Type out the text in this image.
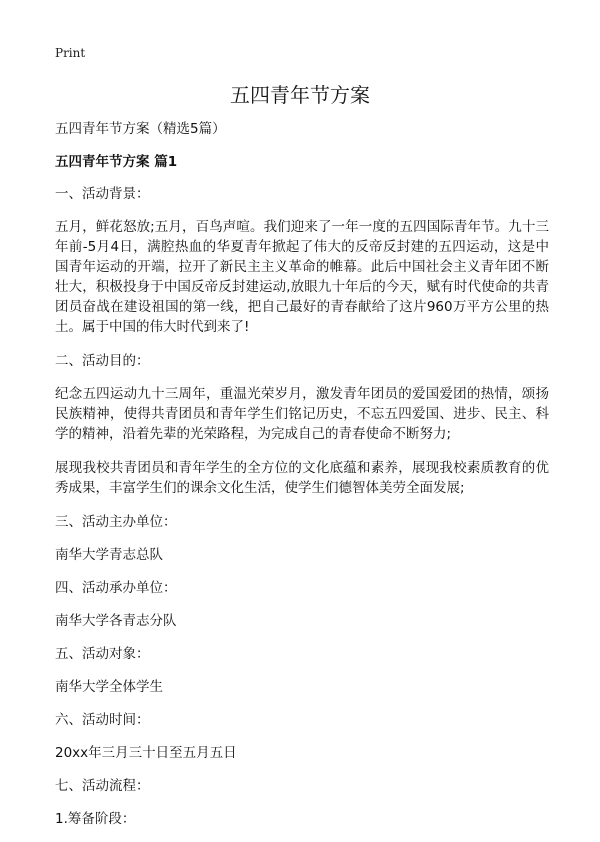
Print
五四青年节方案

五四青年节方案（精选5篇）

五四青年节方案 篇1

一、活动背景：

五月，鲜花怒放;五月，百鸟声喧。我们迎来了一年一度的五四国际青年节。九十三年前-5月4日，满腔热血的华夏青年掀起了伟大的反帝反封建的五四运动，这是中国青年运动的开端，拉开了新民主主义革命的帷幕。此后中国社会主义青年团不断壮大，积极投身于中国反帝反封建运动,放眼九十年后的今天，赋有时代使命的共青团员奋战在建设祖国的第一线，把自己最好的青春献给了这片960万平方公里的热土。属于中国的伟大时代到来了!

二、活动目的：

纪念五四运动九十三周年，重温光荣岁月，激发青年团员的爱国爱团的热情，颂扬民族精神，使得共青团员和青年学生们铭记历史，不忘五四爱国、进步、民主、科学的精神，沿着先辈的光荣路程，为完成自己的青春使命不断努力;

展现我校共青团员和青年学生的全方位的文化底蕴和素养，展现我校素质教育的优秀成果，丰富学生们的课余文化生活，使学生们德智体美劳全面发展;

三、活动主办单位：

南华大学青志总队

四、活动承办单位：

南华大学各青志分队

五、活动对象：

南华大学全体学生

六、活动时间：

20xx年三月三十日至五月五日

七、活动流程：

1.筹备阶段：
